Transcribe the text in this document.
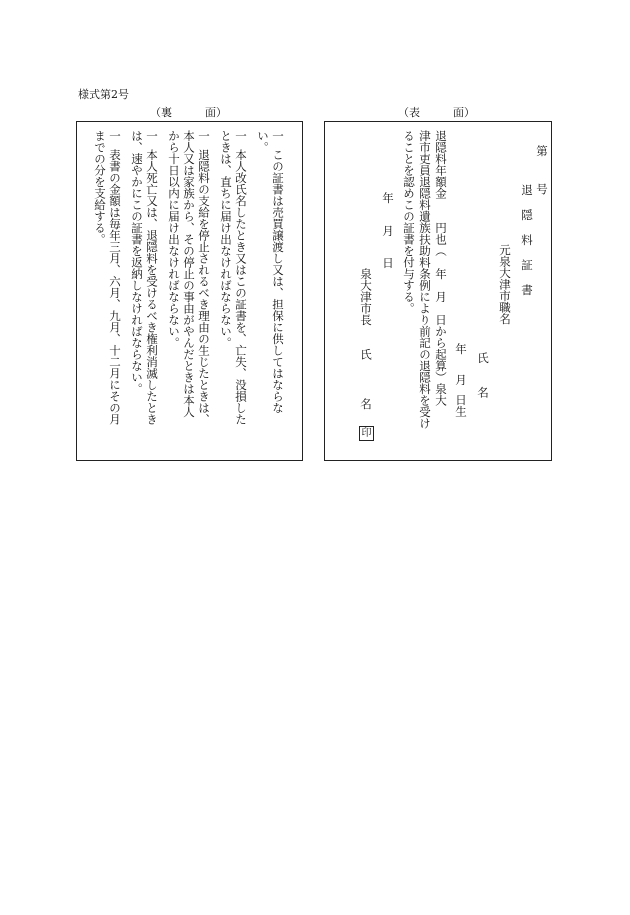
様式第2号
（裏　　　面）	（表　　　面）
一
この証書は売買譲渡し又は、担保に供してはならな
い。
一
本人改氏名したとき又はこの証書を、亡失、没損した
ときは、直ちに届け出なければならない。
一
退隠料の支給を停止されるべき理由の生じたときは、
本人又は家族から、その停止の事由がやんだときは本人
から十日以内に届け出なければならない。
一
本人死亡又は、退隠料を受けるべき権利消滅したとき
は、速やかにこの証書を返納しなければならない。
一
表書の金額は毎年三月、六月、九月、十二月にその月
までの分を支給する。	第
号
退　隠　料　証　書
元泉大津市職名
氏　　名
年
月
日生
退隠料年額金　　円也（　年　月　日から起算）泉大
津市吏員退隠料遺族扶助料条例により前記の退隠料を受け
ることを認めこの証書を付与する。
年
月
日
泉大津市長　　氏
名
印
